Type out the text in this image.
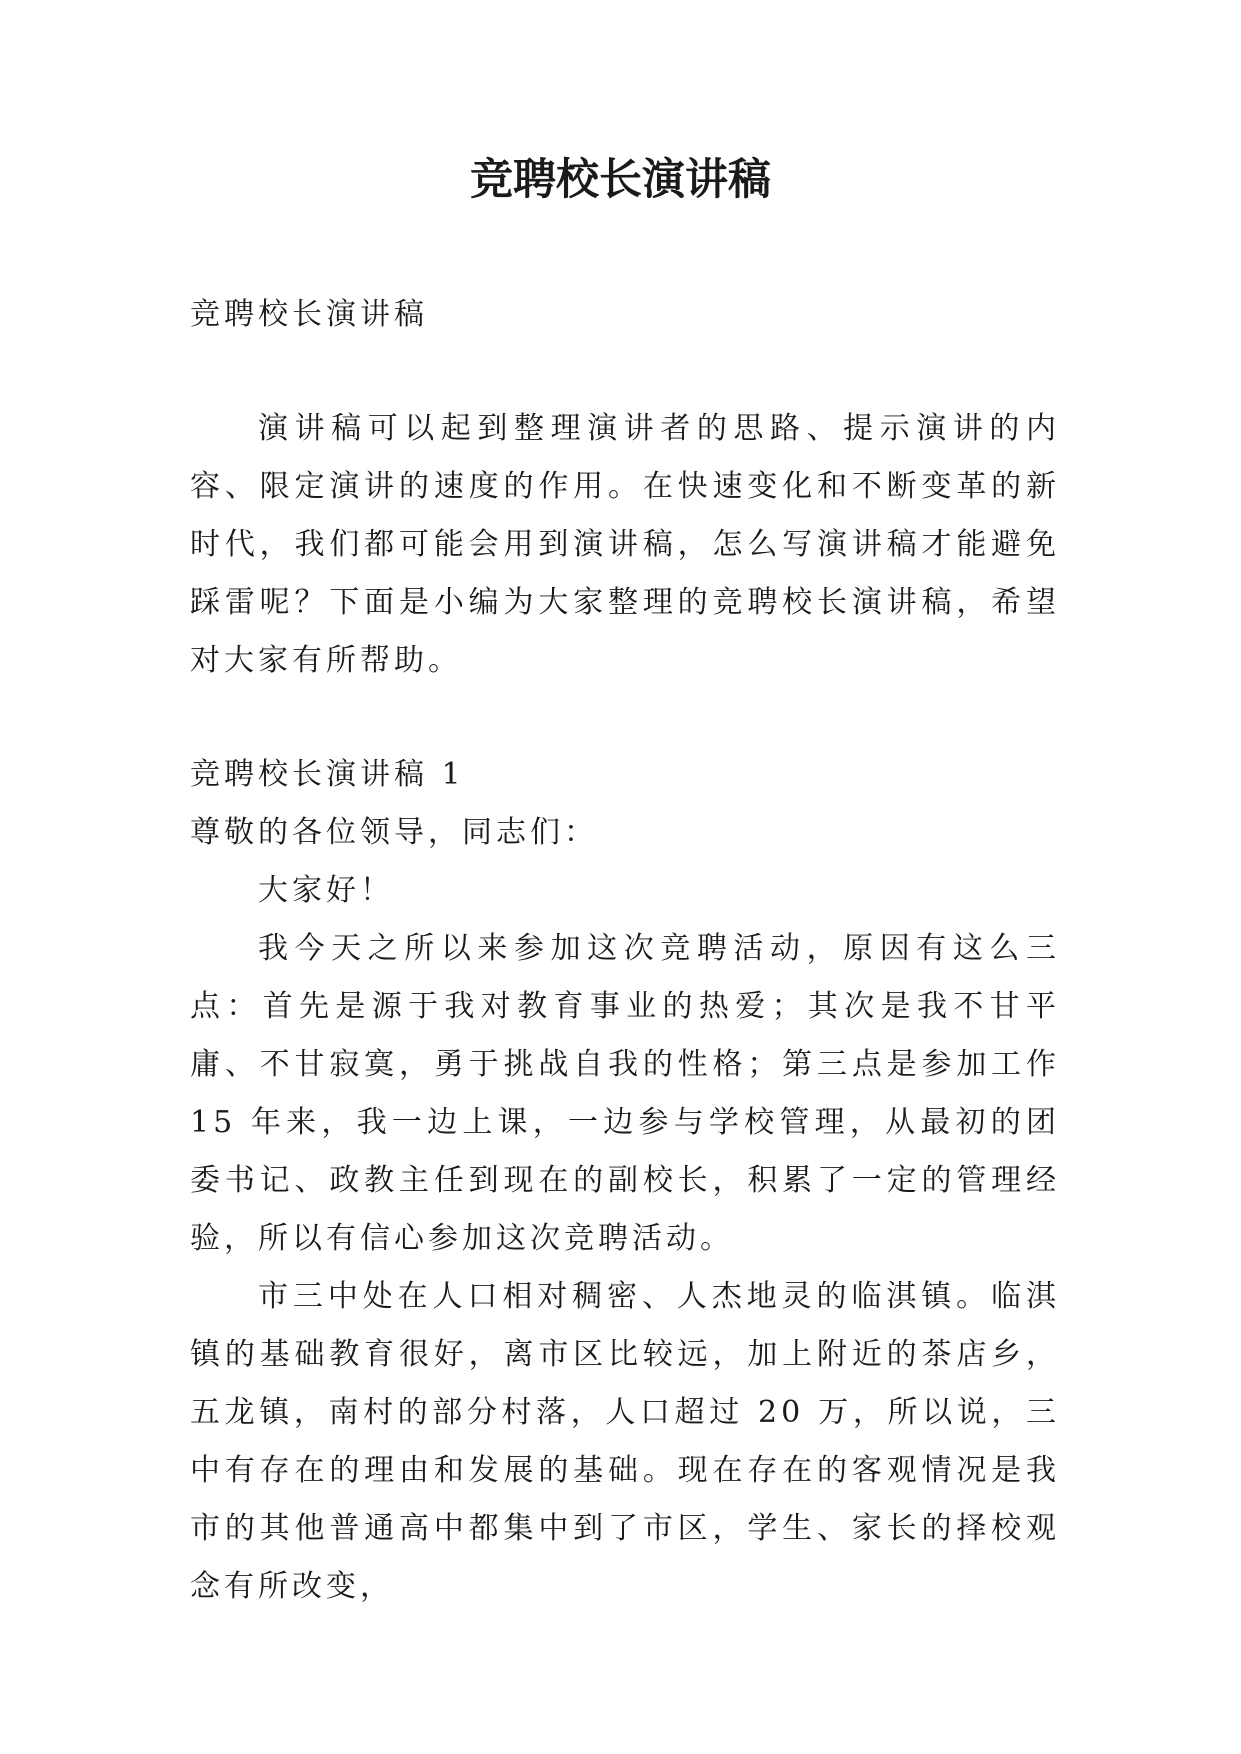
竞聘校长演讲稿

竞聘校长演讲稿

演讲稿可以起到整理演讲者的思路、提示演讲的内容、限定演讲的速度的作用。在快速变化和不断变革的新时代，我们都可能会用到演讲稿，怎么写演讲稿才能避免踩雷呢？下面是小编为大家整理的竞聘校长演讲稿，希望对大家有所帮助。

竞聘校长演讲稿 1

尊敬的各位领导，同志们：

大家好！

我今天之所以来参加这次竞聘活动，原因有这么三点：首先是源于我对教育事业的热爱；其次是我不甘平庸、不甘寂寞，勇于挑战自我的性格；第三点是参加工作 15 年来，我一边上课，一边参与学校管理，从最初的团委书记、政教主任到现在的副校长，积累了一定的管理经验，所以有信心参加这次竞聘活动。

市三中处在人口相对稠密、人杰地灵的临淇镇。临淇镇的基础教育很好，离市区比较远，加上附近的茶店乡，五龙镇，南村的部分村落，人口超过 20 万，所以说，三中有存在的理由和发展的基础。现在存在的客观情况是我市的其他普通高中都集中到了市区，学生、家长的择校观念有所改变，
